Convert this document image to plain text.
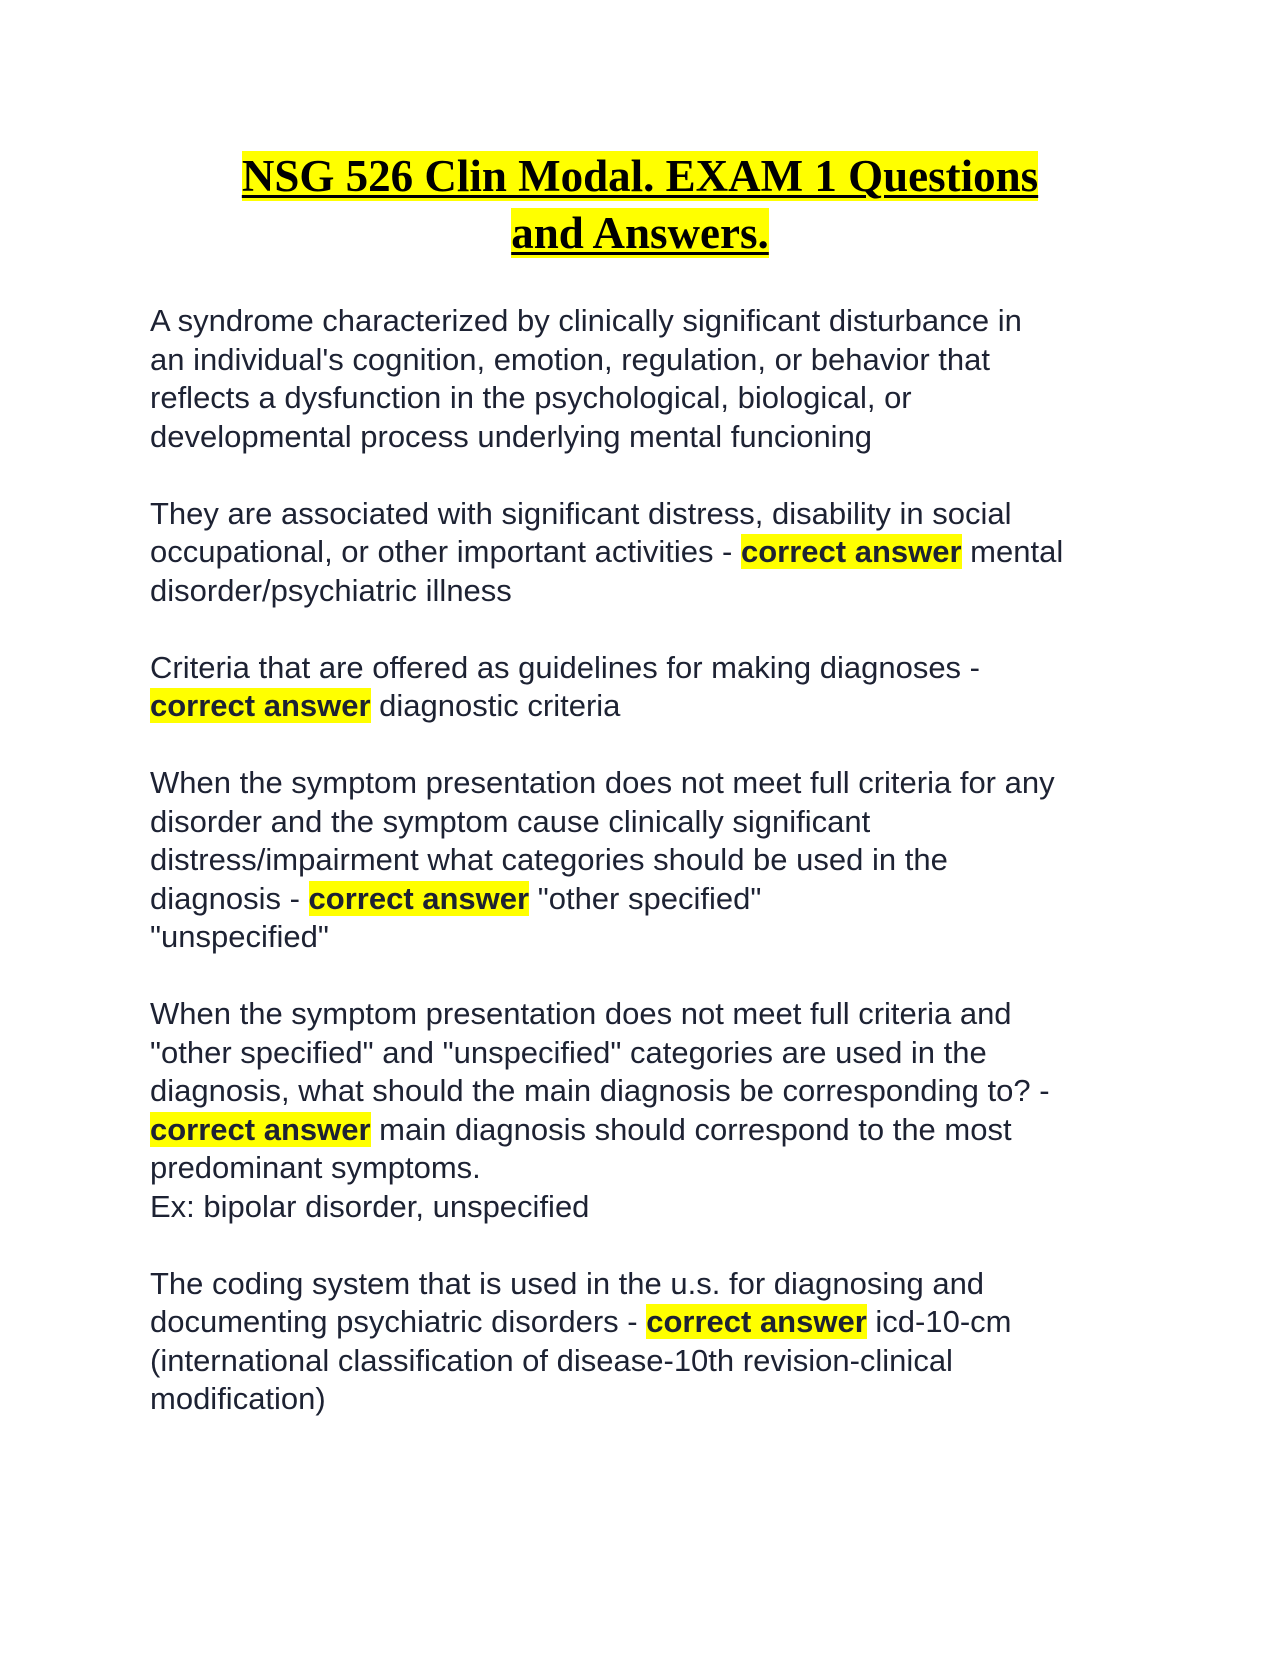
NSG 526 Clin Modal. EXAM 1 Questions
and Answers.

A syndrome characterized by clinically significant disturbance in
an individual's cognition, emotion, regulation, or behavior that
reflects a dysfunction in the psychological, biological, or
developmental process underlying mental funcioning

They are associated with significant distress, disability in social
occupational, or other important activities - correct answer mental
disorder/psychiatric illness

Criteria that are offered as guidelines for making diagnoses -
correct answer diagnostic criteria

When the symptom presentation does not meet full criteria for any
disorder and the symptom cause clinically significant
distress/impairment what categories should be used in the
diagnosis - correct answer "other specified"
"unspecified"

When the symptom presentation does not meet full criteria and
"other specified" and "unspecified" categories are used in the
diagnosis, what should the main diagnosis be corresponding to? -
correct answer main diagnosis should correspond to the most
predominant symptoms.
Ex: bipolar disorder, unspecified

The coding system that is used in the u.s. for diagnosing and
documenting psychiatric disorders - correct answer icd-10-cm
(international classification of disease-10th revision-clinical
modification)
